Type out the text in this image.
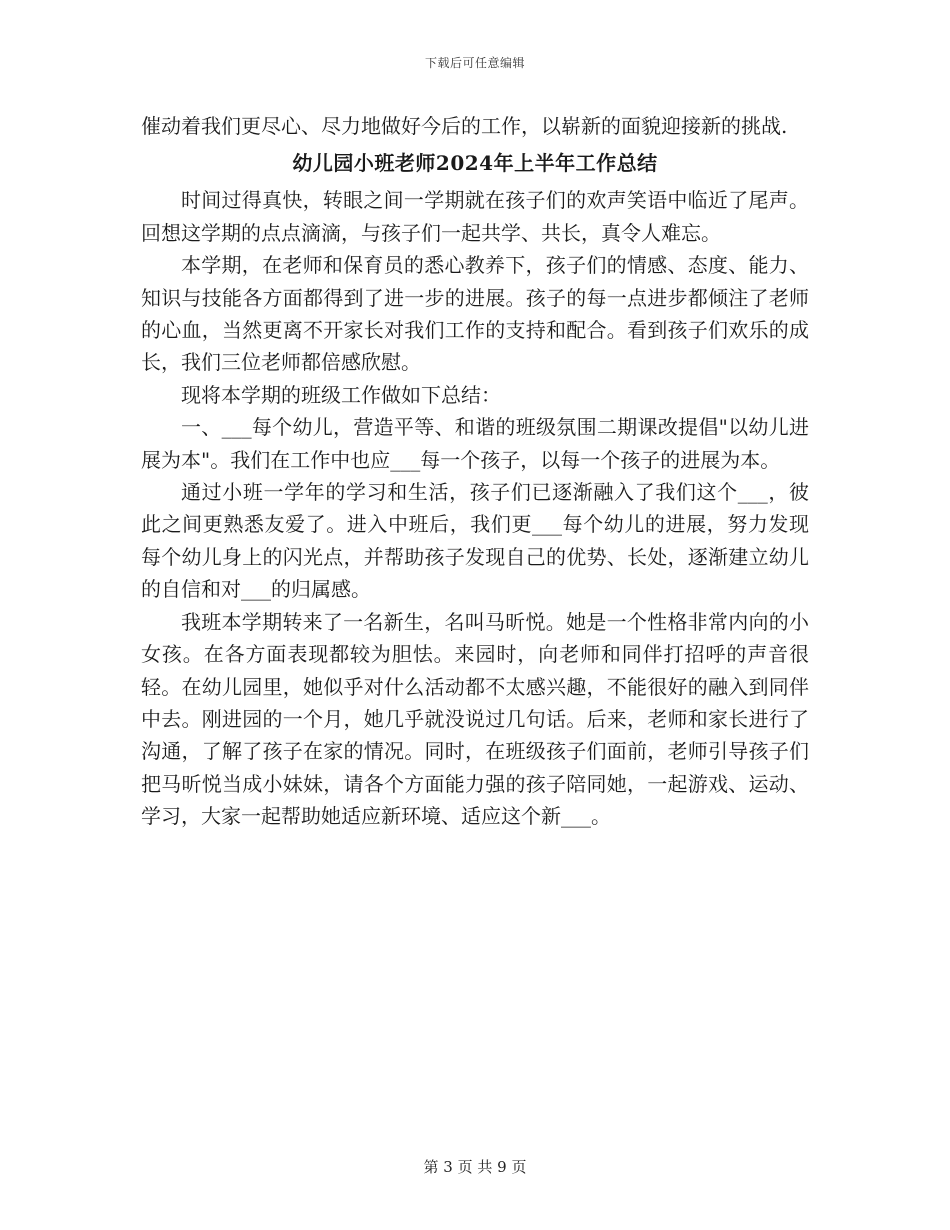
下载后可任意编辑

催动着我们更尽心、尽力地做好今后的工作，以崭新的面貌迎接新的挑战.

幼儿园小班老师2024年上半年工作总结

时间过得真快，转眼之间一学期就在孩子们的欢声笑语中临近了尾声。回想这学期的点点滴滴，与孩子们一起共学、共长，真令人难忘。

本学期，在老师和保育员的悉心教养下，孩子们的情感、态度、能力、知识与技能各方面都得到了进一步的进展。孩子的每一点进步都倾注了老师的心血，当然更离不开家长对我们工作的支持和配合。看到孩子们欢乐的成长，我们三位老师都倍感欣慰。

现将本学期的班级工作做如下总结：

一、___每个幼儿，营造平等、和谐的班级氛围二期课改提倡"以幼儿进展为本"。我们在工作中也应___每一个孩子，以每一个孩子的进展为本。

通过小班一学年的学习和生活，孩子们已逐渐融入了我们这个___，彼此之间更熟悉友爱了。进入中班后，我们更___每个幼儿的进展，努力发现每个幼儿身上的闪光点，并帮助孩子发现自己的优势、长处，逐渐建立幼儿的自信和对___的归属感。

我班本学期转来了一名新生，名叫马昕悦。她是一个性格非常内向的小女孩。在各方面表现都较为胆怯。来园时，向老师和同伴打招呼的声音很轻。在幼儿园里，她似乎对什么活动都不太感兴趣，不能很好的融入到同伴中去。刚进园的一个月，她几乎就没说过几句话。后来，老师和家长进行了沟通，了解了孩子在家的情况。同时，在班级孩子们面前，老师引导孩子们把马昕悦当成小妹妹，请各个方面能力强的孩子陪同她，一起游戏、运动、学习，大家一起帮助她适应新环境、适应这个新___。

第 3 页 共 9 页
